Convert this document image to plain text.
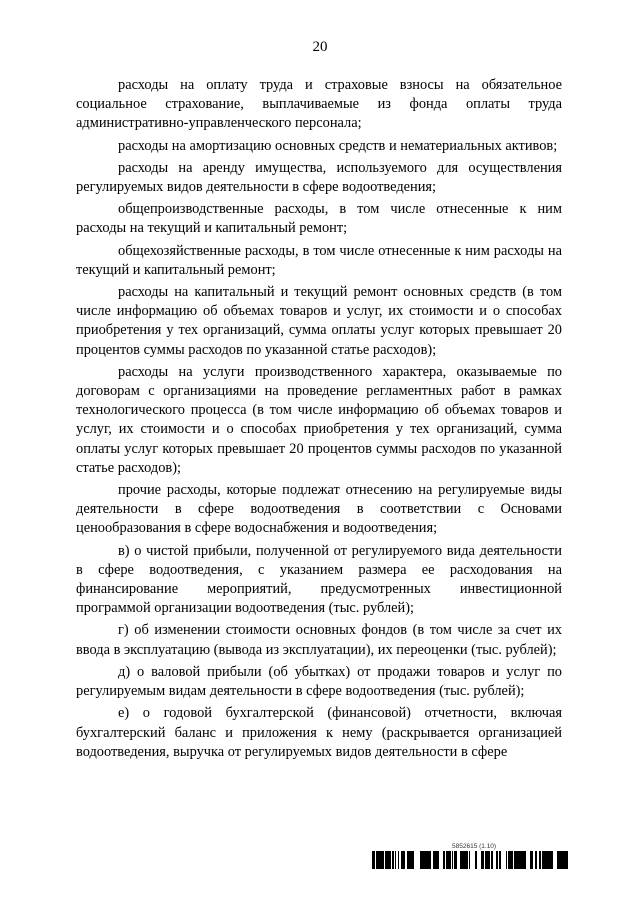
20

расходы на оплату труда и страховые взносы на обязательное социальное страхование, выплачиваемые из фонда оплаты труда административно-управленческого персонала;

расходы на амортизацию основных средств и нематериальных активов;

расходы на аренду имущества, используемого для осуществления регулируемых видов деятельности в сфере водоотведения;

общепроизводственные расходы, в том числе отнесенные к ним расходы на текущий и капитальный ремонт;

общехозяйственные расходы, в том числе отнесенные к ним расходы на текущий и капитальный ремонт;

расходы на капитальный и текущий ремонт основных средств (в том числе информацию об объемах товаров и услуг, их стоимости и о способах приобретения у тех организаций, сумма оплаты услуг которых превышает 20 процентов суммы расходов по указанной статье расходов);

расходы на услуги производственного характера, оказываемые по договорам с организациями на проведение регламентных работ в рамках технологического процесса (в том числе информацию об объемах товаров и услуг, их стоимости и о способах приобретения у тех организаций, сумма оплаты услуг которых превышает 20 процентов суммы расходов по указанной статье расходов);

прочие расходы, которые подлежат отнесению на регулируемые виды деятельности в сфере водоотведения в соответствии с Основами ценообразования в сфере водоснабжения и водоотведения;

в) о чистой прибыли, полученной от регулируемого вида деятельности в сфере водоотведения, с указанием размера ее расходования на финансирование мероприятий, предусмотренных инвестиционной программой организации водоотведения (тыс. рублей);

г) об изменении стоимости основных фондов (в том числе за счет их ввода в эксплуатацию (вывода из эксплуатации), их переоценки (тыс. рублей);

д) о валовой прибыли (об убытках) от продажи товаров и услуг по регулируемым видам деятельности в сфере водоотведения (тыс. рублей);

е) о годовой бухгалтерской (финансовой) отчетности, включая бухгалтерский баланс и приложения к нему (раскрывается организацией водоотведения, выручка от регулируемых видов деятельности в сфере

5852615 (1.10)
